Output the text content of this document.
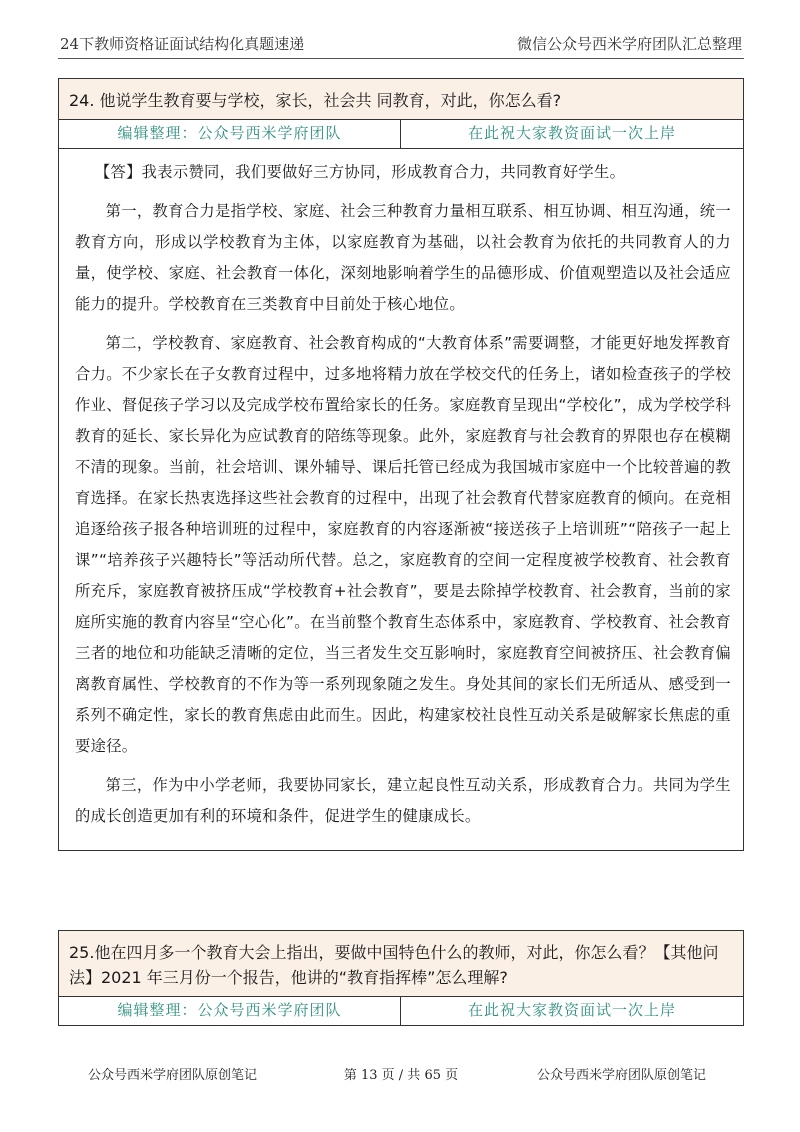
24下教师资格证面试结构化真题速递	微信公众号西米学府团队汇总整理
24. 他说学生教育要与学校，家长，社会共 同教育，对此，你怎么看?
编辑整理：公众号西米学府团队	在此祝大家教资面试一次上岸

【答】我表示赞同，我们要做好三方协同，形成教育合力，共同教育好学生。

第一，教育合力是指学校、家庭、社会三种教育力量相互联系、相互协调、相互沟通，统一教育方向，形成以学校教育为主体，以家庭教育为基础，以社会教育为依托的共同教育人的力量，使学校、家庭、社会教育一体化，深刻地影响着学生的品德形成、价值观塑造以及社会适应能力的提升。学校教育在三类教育中目前处于核心地位。

第二，学校教育、家庭教育、社会教育构成的“大教育体系”需要调整，才能更好地发挥教育合力。不少家长在子女教育过程中，过多地将精力放在学校交代的任务上，诸如检查孩子的学校作业、督促孩子学习以及完成学校布置给家长的任务。家庭教育呈现出“学校化”，成为学校学科教育的延长、家长异化为应试教育的陪练等现象。此外，家庭教育与社会教育的界限也存在模糊不清的现象。当前，社会培训、课外辅导、课后托管已经成为我国城市家庭中一个比较普遍的教育选择。在家长热衷选择这些社会教育的过程中，出现了社会教育代替家庭教育的倾向。在竞相追逐给孩子报各种培训班的过程中，家庭教育的内容逐渐被“接送孩子上培训班”“陪孩子一起上课”“培养孩子兴趣特长”等活动所代替。总之，家庭教育的空间一定程度被学校教育、社会教育所充斥，家庭教育被挤压成“学校教育+社会教育”，要是去除掉学校教育、社会教育，当前的家庭所实施的教育内容呈“空心化”。在当前整个教育生态体系中，家庭教育、学校教育、社会教育三者的地位和功能缺乏清晰的定位，当三者发生交互影响时，家庭教育空间被挤压、社会教育偏离教育属性、学校教育的不作为等一系列现象随之发生。身处其间的家长们无所适从、感受到一系列不确定性，家长的教育焦虑由此而生。因此，构建家校社良性互动关系是破解家长焦虑的重要途径。

第三，作为中小学老师，我要协同家长，建立起良性互动关系，形成教育合力。共同为学生的成长创造更加有利的环境和条件，促进学生的健康成长。

25.他在四月多一个教育大会上指出，要做中国特色什么的教师，对此，你怎么看？【其他问法】2021 年三月份一个报告，他讲的“教育指挥棒”怎么理解?
编辑整理：公众号西米学府团队	在此祝大家教资面试一次上岸
公众号西米学府团队原创笔记	第 13 页 / 共 65 页	公众号西米学府团队原创笔记
